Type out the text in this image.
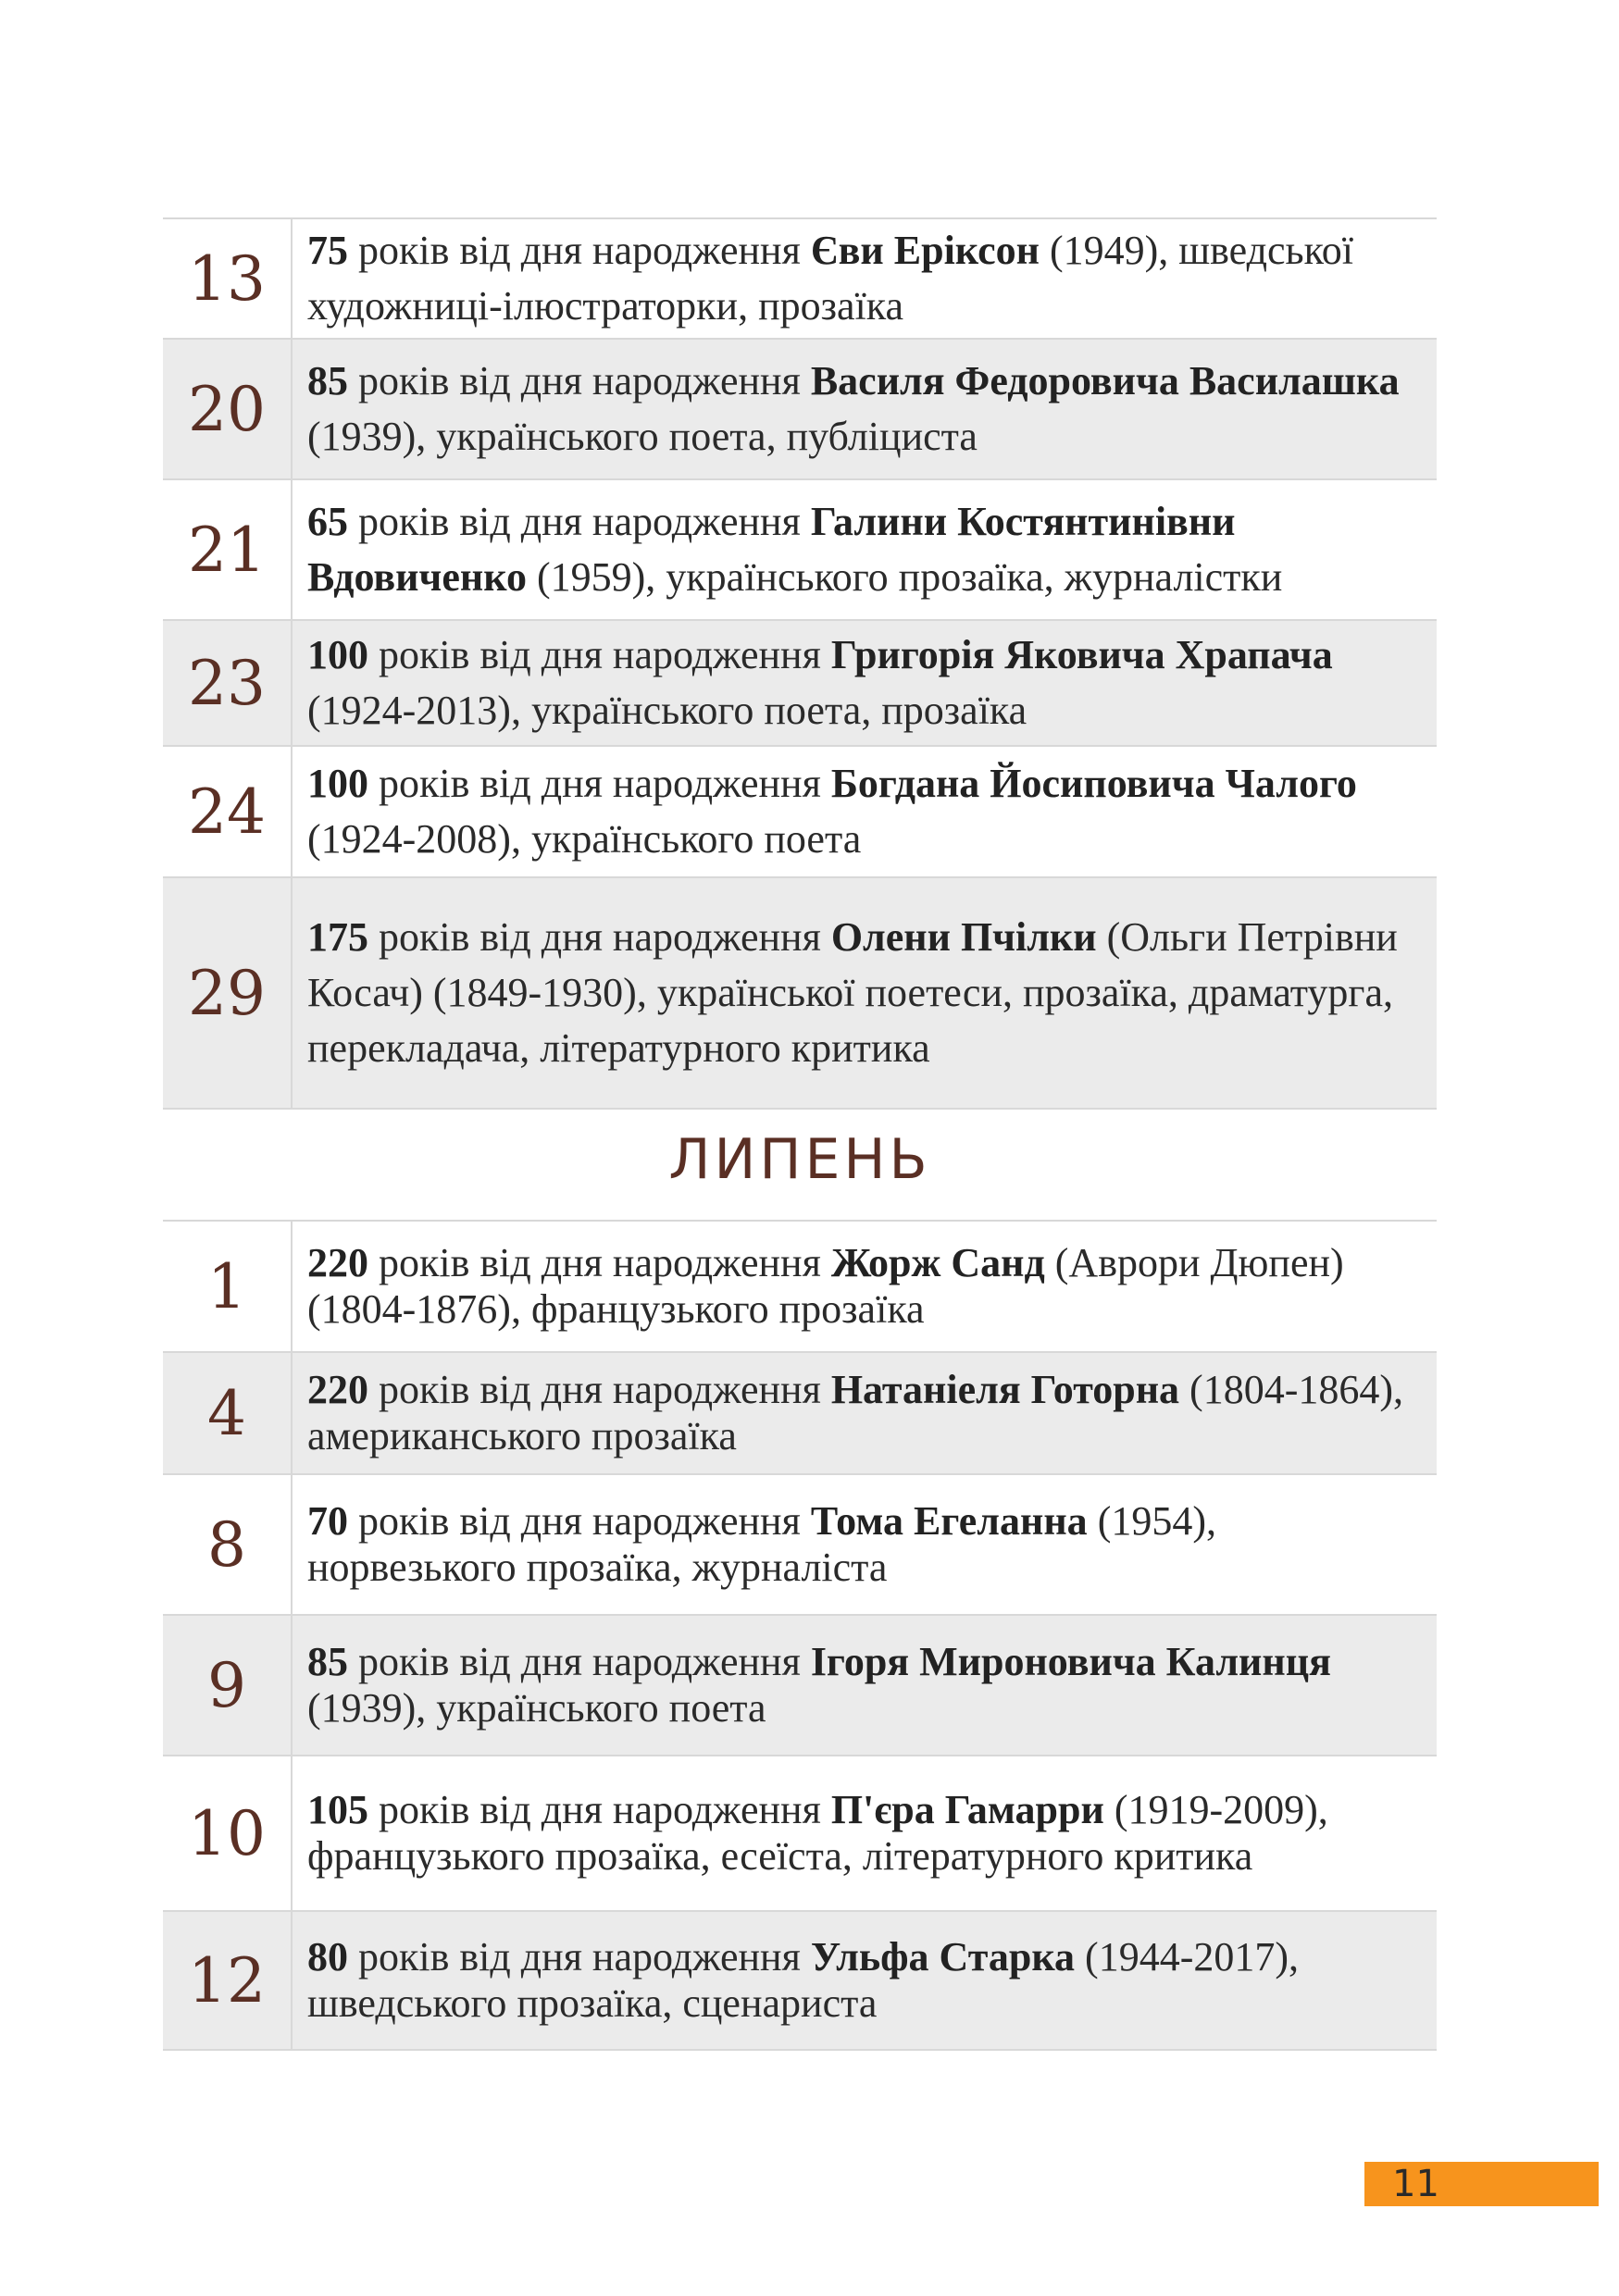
13	75 років від дня народження Єви Еріксон (1949), шведської художниці-ілюстраторки, прозаїка
20	85 років від дня народження Василя Федоровича Василашка (1939), українського поета, публіциста
21	65 років від дня народження Галини Костянтинівни Вдовиченко (1959), українського прозаїка, журналістки
23	100 років від дня народження Григорія Яковича Храпача (1924-2013), українського поета, прозаїка
24	100 років від дня народження Богдана Йосиповича Чалого (1924-2008), українського поета
29	175 років від дня народження Олени Пчілки (Ольги Петрівни Косач) (1849-1930), української поетеси, прозаїка, драматурга, перекладача, літературного критика
ЛИПЕНЬ
1	220 років від дня народження Жорж Санд (Аврори Дюпен) (1804-1876), французького прозаїка
4	220 років від дня народження Натаніеля Готорна (1804-1864), американського прозаїка
8	70 років від дня народження Тома Егеланна (1954), норвезького прозаїка, журналіста
9	85 років від дня народження Ігоря Мироновича Калинця (1939), українського поета
10	105 років від дня народження П'єра Гамарри (1919-2009), французького прозаїка, есеїста, літературного критика
12	80 років від дня народження Ульфа Старка (1944-2017), шведського прозаїка, сценариста
11
